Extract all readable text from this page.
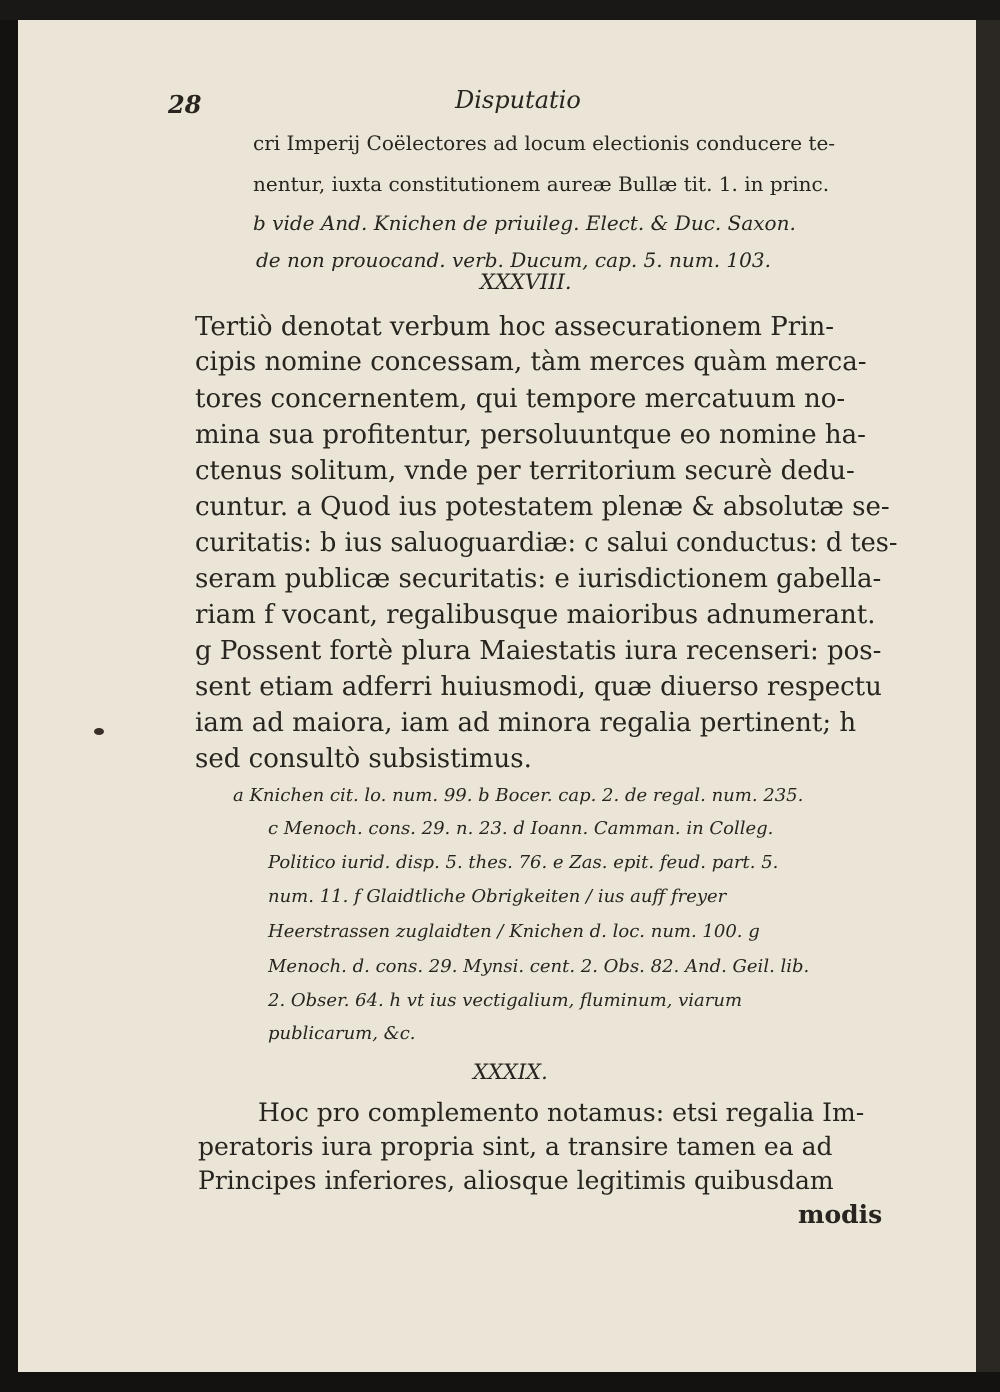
28	Disputatio
cri Imperij Coëlectores ad locum electionis conducere te-
nentur, iuxta constitutionem aureæ Bullæ tit. 1. in princ.
b vide And. Knichen de priuileg. Elect. & Duc. Saxon.
de non prouocand. verb. Ducum, cap. 5. num. 103.
XXXVIII.
Tertiò denotat verbum hoc assecurationem Prin-
cipis nomine concessam, tàm merces quàm merca-
tores concernentem, qui tempore mercatuum no-
mina sua profitentur, persoluuntque eo nomine ha-
ctenus solitum, vnde per territorium securè dedu-
cuntur. a Quod ius potestatem plenæ & absolutæ se-
curitatis: b ius saluoguardiæ: c salui conductus: d tes-
seram publicæ securitatis: e iurisdictionem gabella-
riam f vocant, regalibusque maioribus adnumerant.
g Possent fortè plura Maiestatis iura recenseri: pos-
sent etiam adferri huiusmodi, quæ diuerso respectu
iam ad maiora, iam ad minora regalia pertinent; h
sed consultò subsistimus.
a Knichen cit. lo. num. 99. b Bocer. cap. 2. de regal. num. 235.
c Menoch. cons. 29. n. 23. d Ioann. Camman. in Colleg.
Politico iurid. disp. 5. thes. 76. e Zas. epit. feud. part. 5.
num. 11. f Glaidtliche Obrigkeiten / ius auff freyer
Heerstrassen zuglaidten / Knichen d. loc. num. 100. g
Menoch. d. cons. 29. Mynsi. cent. 2. Obs. 82. And. Geil. lib.
2. Obser. 64. h vt ius vectigalium, fluminum, viarum
publicarum, &c.
XXXIX.
Hoc pro complemento notamus: etsi regalia Im-
peratoris iura propria sint, a transire tamen ea ad
Principes inferiores, aliosque legitimis quibusdam
modis
